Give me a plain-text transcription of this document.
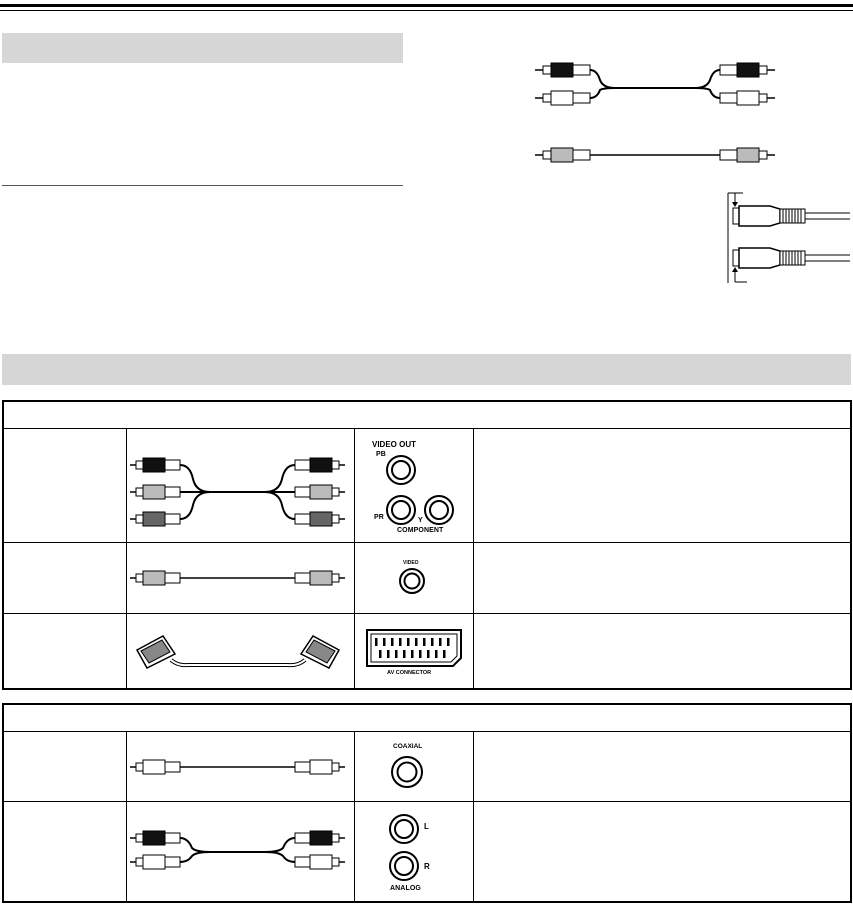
VIDEO OUT
PB
PR	Y
COMPONENT
VIDEO
AV CONNECTOR
COAXIAL
L
R
ANALOG
